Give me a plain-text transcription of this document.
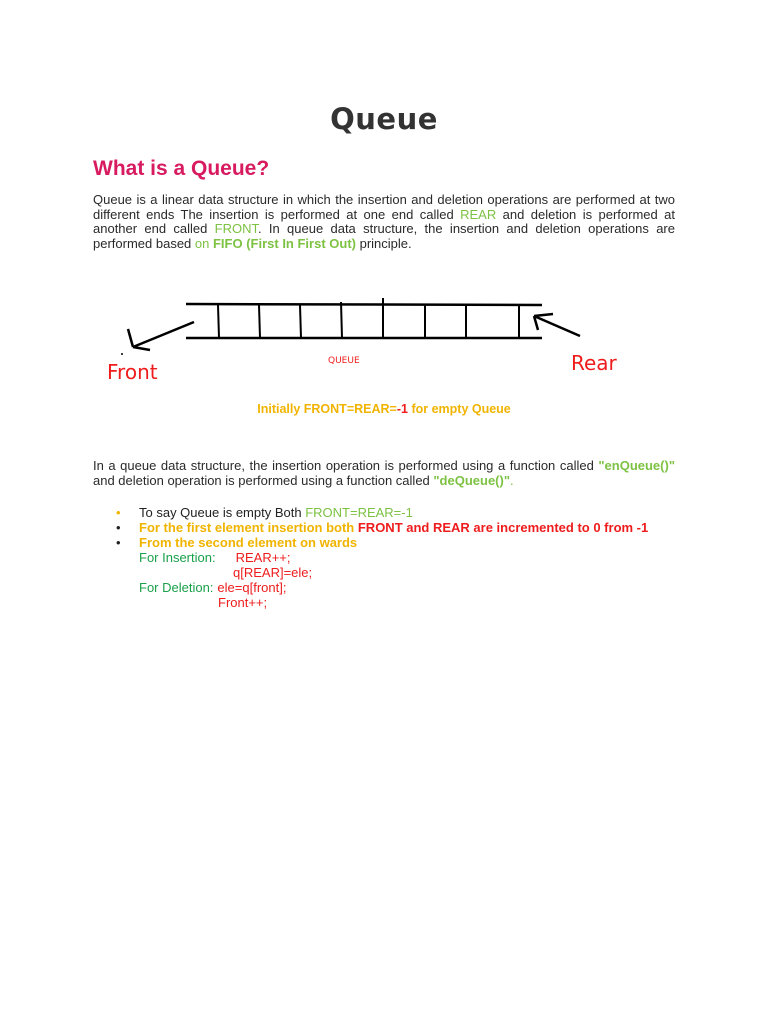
Queue
What is a Queue?
Queue is a linear data structure in which the insertion and deletion operations are performed at two different ends The insertion is performed at one end called REAR and deletion is performed at another end called FRONT. In queue data structure, the insertion and deletion operations are performed based on FIFO (First In First Out) principle.
Front	QUEUE	Rear
Initially FRONT=REAR=-1 for empty Queue
In a queue data structure, the insertion operation is performed using a function called "enQueue()" and deletion operation is performed using a function called "deQueue()".
• To say Queue is empty Both FRONT=REAR=-1
• For the first element insertion both FRONT and REAR are incremented to 0 from -1
• From the second element on wards
For Insertion: REAR++;
q[REAR]=ele;
For Deletion: ele=q[front];
Front++;
